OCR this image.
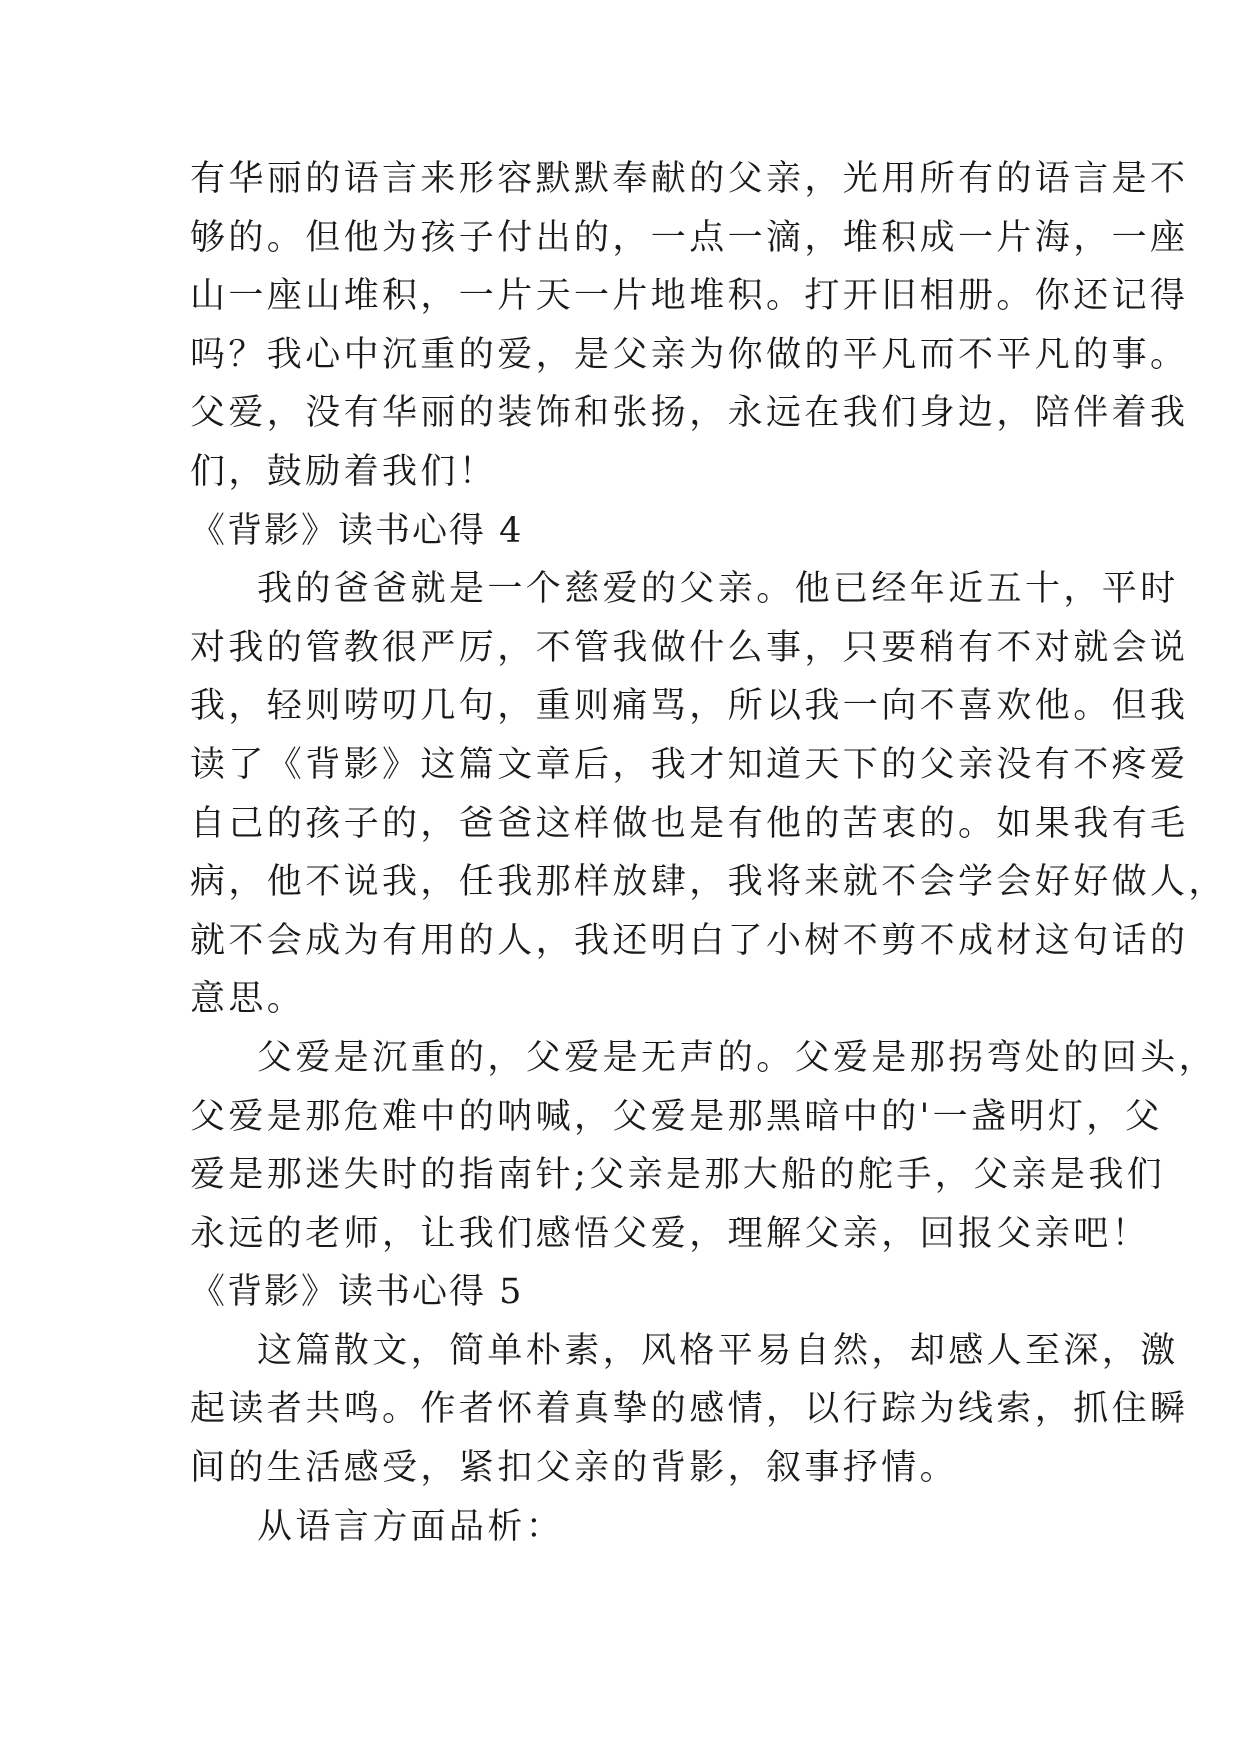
有华丽的语言来形容默默奉献的父亲，光用所有的语言是不
够的。但他为孩子付出的，一点一滴，堆积成一片海，一座
山一座山堆积，一片天一片地堆积。打开旧相册。你还记得
吗？我心中沉重的爱，是父亲为你做的平凡而不平凡的事。
父爱，没有华丽的装饰和张扬，永远在我们身边，陪伴着我
们，鼓励着我们！
《背影》读书心得 4
我的爸爸就是一个慈爱的父亲。他已经年近五十，平时
对我的管教很严厉，不管我做什么事，只要稍有不对就会说
我，轻则唠叨几句，重则痛骂，所以我一向不喜欢他。但我
读了《背影》这篇文章后，我才知道天下的父亲没有不疼爱
自己的孩子的，爸爸这样做也是有他的苦衷的。如果我有毛
病，他不说我，任我那样放肆，我将来就不会学会好好做人，
就不会成为有用的人，我还明白了小树不剪不成材这句话的
意思。
父爱是沉重的，父爱是无声的。父爱是那拐弯处的回头，
父爱是那危难中的呐喊，父爱是那黑暗中的'一盏明灯，父
爱是那迷失时的指南针;父亲是那大船的舵手，父亲是我们
永远的老师，让我们感悟父爱，理解父亲，回报父亲吧！
《背影》读书心得 5
这篇散文，简单朴素，风格平易自然，却感人至深，激
起读者共鸣。作者怀着真挚的感情，以行踪为线索，抓住瞬
间的生活感受，紧扣父亲的背影，叙事抒情。
从语言方面品析：
